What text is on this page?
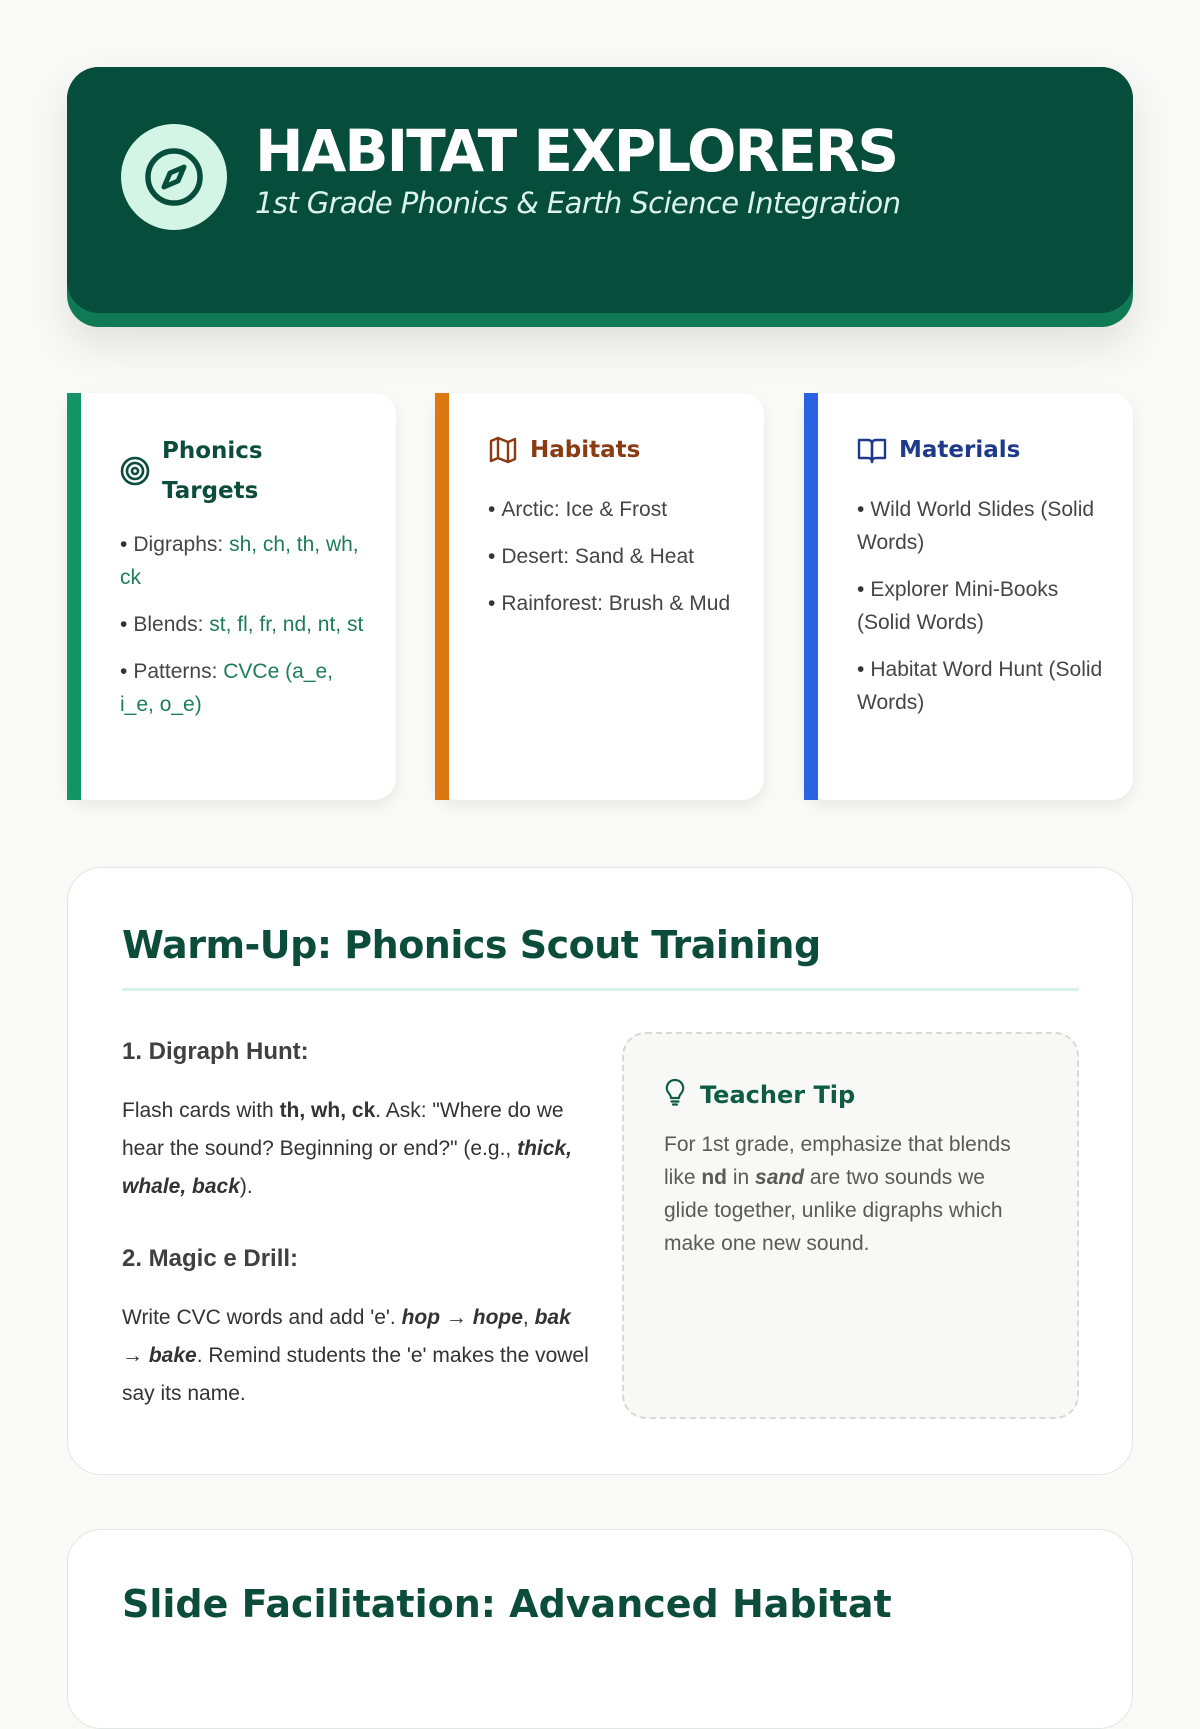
HABITAT EXPLORERS
1st Grade Phonics & Earth Science Integration
Phonics Targets
• Digraphs: sh, ch, th, wh, ck
• Blends: st, fl, fr, nd, nt, st
• Patterns: CVCe (a_e, i_e, o_e)
Habitats
• Arctic: Ice & Frost
• Desert: Sand & Heat
• Rainforest: Brush & Mud
Materials
• Wild World Slides (Solid Words)
• Explorer Mini-Books (Solid Words)
• Habitat Word Hunt (Solid Words)
Warm-Up: Phonics Scout Training
1. Digraph Hunt:
Flash cards with th, wh, ck. Ask: "Where do we hear the sound? Beginning or end?" (e.g., thick, whale, back).
2. Magic e Drill:
Write CVC words and add 'e'. hop → hope, bak → bake. Remind students the 'e' makes the vowel say its name.
Teacher Tip
For 1st grade, emphasize that blends like nd in sand are two sounds we glide together, unlike digraphs which make one new sound.
Slide Facilitation: Advanced Habitat
